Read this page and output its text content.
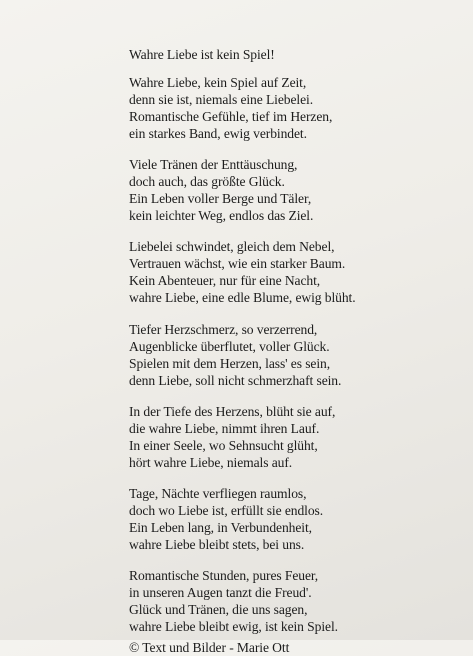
Wahre Liebe ist kein Spiel!
Wahre Liebe, kein Spiel auf Zeit,
denn sie ist, niemals eine Liebelei.
Romantische Gefühle, tief im Herzen,
ein starkes Band, ewig verbindet.
Viele Tränen der Enttäuschung,
doch auch, das größte Glück.
Ein Leben voller Berge und Täler,
kein leichter Weg, endlos das Ziel.
Liebelei schwindet, gleich dem Nebel,
Vertrauen wächst, wie ein starker Baum.
Kein Abenteuer, nur für eine Nacht,
wahre Liebe, eine edle Blume, ewig blüht.
Tiefer Herzschmerz, so verzerrend,
Augenblicke überflutet, voller Glück.
Spielen mit dem Herzen, lass' es sein,
denn Liebe, soll nicht schmerzhaft sein.
In der Tiefe des Herzens, blüht sie auf,
die wahre Liebe, nimmt ihren Lauf.
In einer Seele, wo Sehnsucht glüht,
hört wahre Liebe, niemals auf.
Tage, Nächte verfliegen raumlos,
doch wo Liebe ist, erfüllt sie endlos.
Ein Leben lang, in Verbundenheit,
wahre Liebe bleibt stets, bei uns.
Romantische Stunden, pures Feuer,
in unseren Augen tanzt die Freud'.
Glück und Tränen, die uns sagen,
wahre Liebe bleibt ewig, ist kein Spiel.
© Text und Bilder - Marie Ott
